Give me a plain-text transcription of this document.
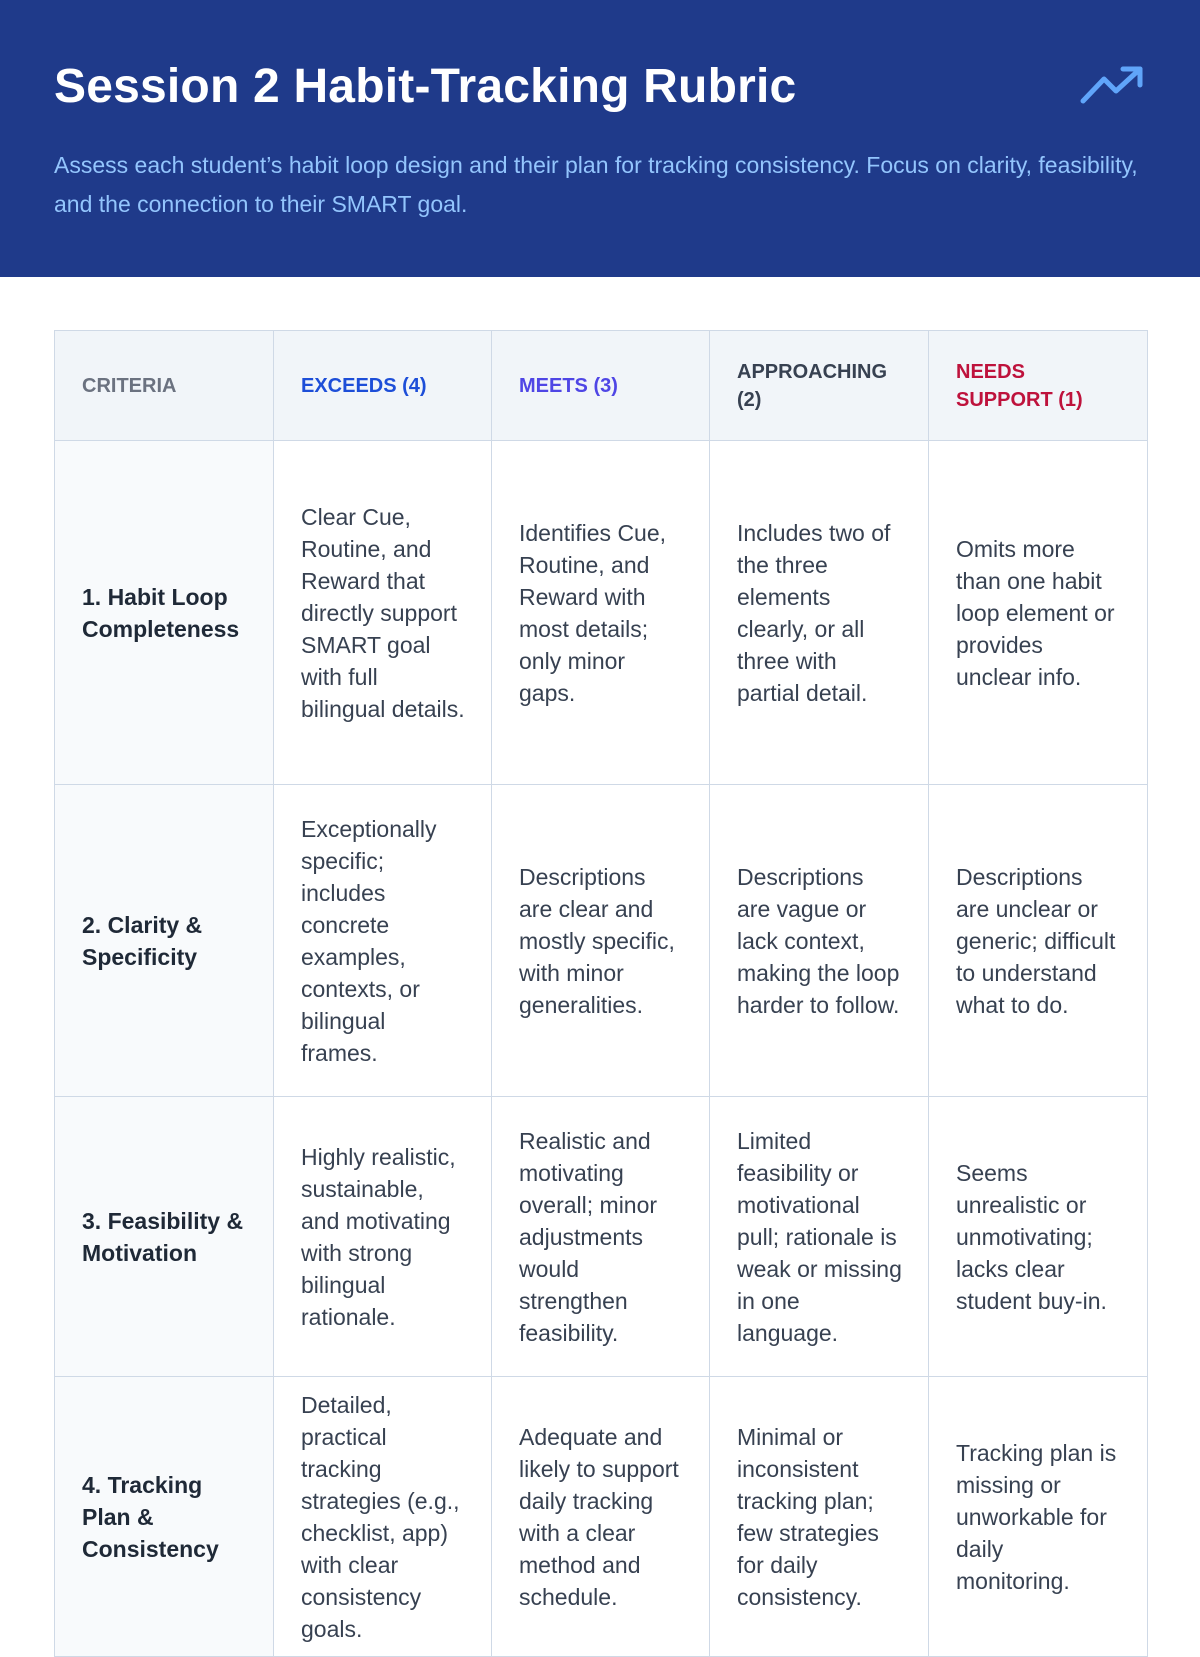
Session 2 Habit-Tracking Rubric

Assess each student’s habit loop design and their plan for tracking consistency. Focus on clarity, feasibility, and the connection to their SMART goal.

CRITERIA	EXCEEDS (4)	MEETS (3)	APPROACHING (2)	NEEDS SUPPORT (1)
1. Habit Loop Completeness	Clear Cue, Routine, and Reward that directly support SMART goal with full bilingual details.	Identifies Cue, Routine, and Reward with most details; only minor gaps.	Includes two of the three elements clearly, or all three with partial detail.	Omits more than one habit loop element or provides unclear info.
2. Clarity & Specificity	Exceptionally specific; includes concrete examples, contexts, or bilingual frames.	Descriptions are clear and mostly specific, with minor generalities.	Descriptions are vague or lack context, making the loop harder to follow.	Descriptions are unclear or generic; difficult to understand what to do.
3. Feasibility & Motivation	Highly realistic, sustainable, and motivating with strong bilingual rationale.	Realistic and motivating overall; minor adjustments would strengthen feasibility.	Limited feasibility or motivational pull; rationale is weak or missing in one language.	Seems unrealistic or unmotivating; lacks clear student buy-in.
4. Tracking Plan & Consistency	Detailed, practical tracking strategies (e.g., checklist, app) with clear consistency goals.	Adequate and likely to support daily tracking with a clear method and schedule.	Minimal or inconsistent tracking plan; few strategies for daily consistency.	Tracking plan is missing or unworkable for daily monitoring.
